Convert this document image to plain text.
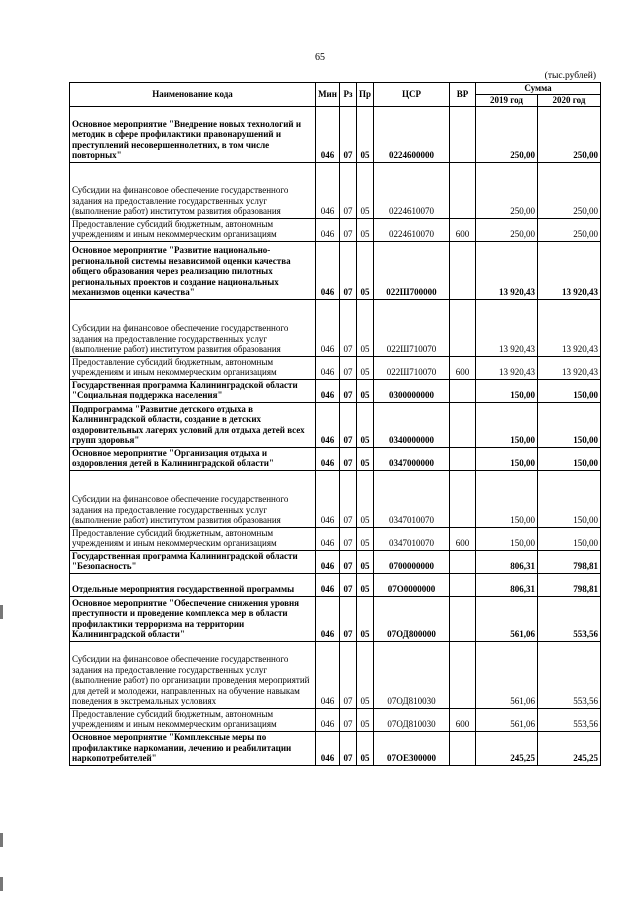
65
(тыс.рублей)
Наименование кода	Мин	Рз	Пр	ЦСР	ВР	Сумма	
						2019 год	2020 год
Основное мероприятие "Внедрение новых технологий и методик в сфере профилактики правонарушений и преступлений несовершеннолетних, в том числе повторных"	046	07	05	0224600000		250,00	250,00
Субсидии на финансовое обеспечение государственного задания на предоставление государственных услуг (выполнение работ) институтом развития образования	046	07	05	0224610070		250,00	250,00
Предоставление субсидий бюджетным, автономным учреждениям и иным некоммерческим организациям	046	07	05	0224610070	600	250,00	250,00
Основное мероприятие "Развитие национально-региональной системы независимой оценки качества общего образования через реализацию пилотных региональных проектов и создание национальных механизмов оценки качества"	046	07	05	022Ш700000		13 920,43	13 920,43
Субсидии на финансовое обеспечение государственного задания на предоставление государственных услуг (выполнение работ) институтом развития образования	046	07	05	022Ш710070		13 920,43	13 920,43
Предоставление субсидий бюджетным, автономным учреждениям и иным некоммерческим организациям	046	07	05	022Ш710070	600	13 920,43	13 920,43
Государственная программа Калининградской области "Социальная поддержка населения"	046	07	05	0300000000		150,00	150,00
Подпрограмма "Развитие детского отдыха в Калининградской области, создание в детских оздоровительных лагерях условий для отдыха детей всех групп здоровья"	046	07	05	0340000000		150,00	150,00
Основное мероприятие "Организация отдыха и оздоровления детей в Калининградской области"	046	07	05	0347000000		150,00	150,00
Субсидии на финансовое обеспечение государственного задания на предоставление государственных услуг (выполнение работ) институтом развития образования	046	07	05	0347010070		150,00	150,00
Предоставление субсидий бюджетным, автономным учреждениям и иным некоммерческим организациям	046	07	05	0347010070	600	150,00	150,00
Государственная программа Калининградской области "Безопасность"	046	07	05	0700000000		806,31	798,81
Отдельные мероприятия государственной программы	046	07	05	07О0000000		806,31	798,81
Основное мероприятие "Обеспечение снижения уровня преступности и проведение комплекса мер в области профилактики терроризма на территории Калининградской области"	046	07	05	07ОД800000		561,06	553,56
Субсидии на финансовое обеспечение государственного задания на предоставление государственных услуг (выполнение работ) по организации проведения мероприятий для детей и молодежи, направленных на обучение навыкам поведения в экстремальных условиях	046	07	05	07ОД810030		561,06	553,56
Предоставление субсидий бюджетным, автономным учреждениям и иным некоммерческим организациям	046	07	05	07ОД810030	600	561,06	553,56
Основное мероприятие "Комплексные меры по профилактике наркомании, лечению и реабилитации наркопотребителей"	046	07	05	07ОЕ300000		245,25	245,25
